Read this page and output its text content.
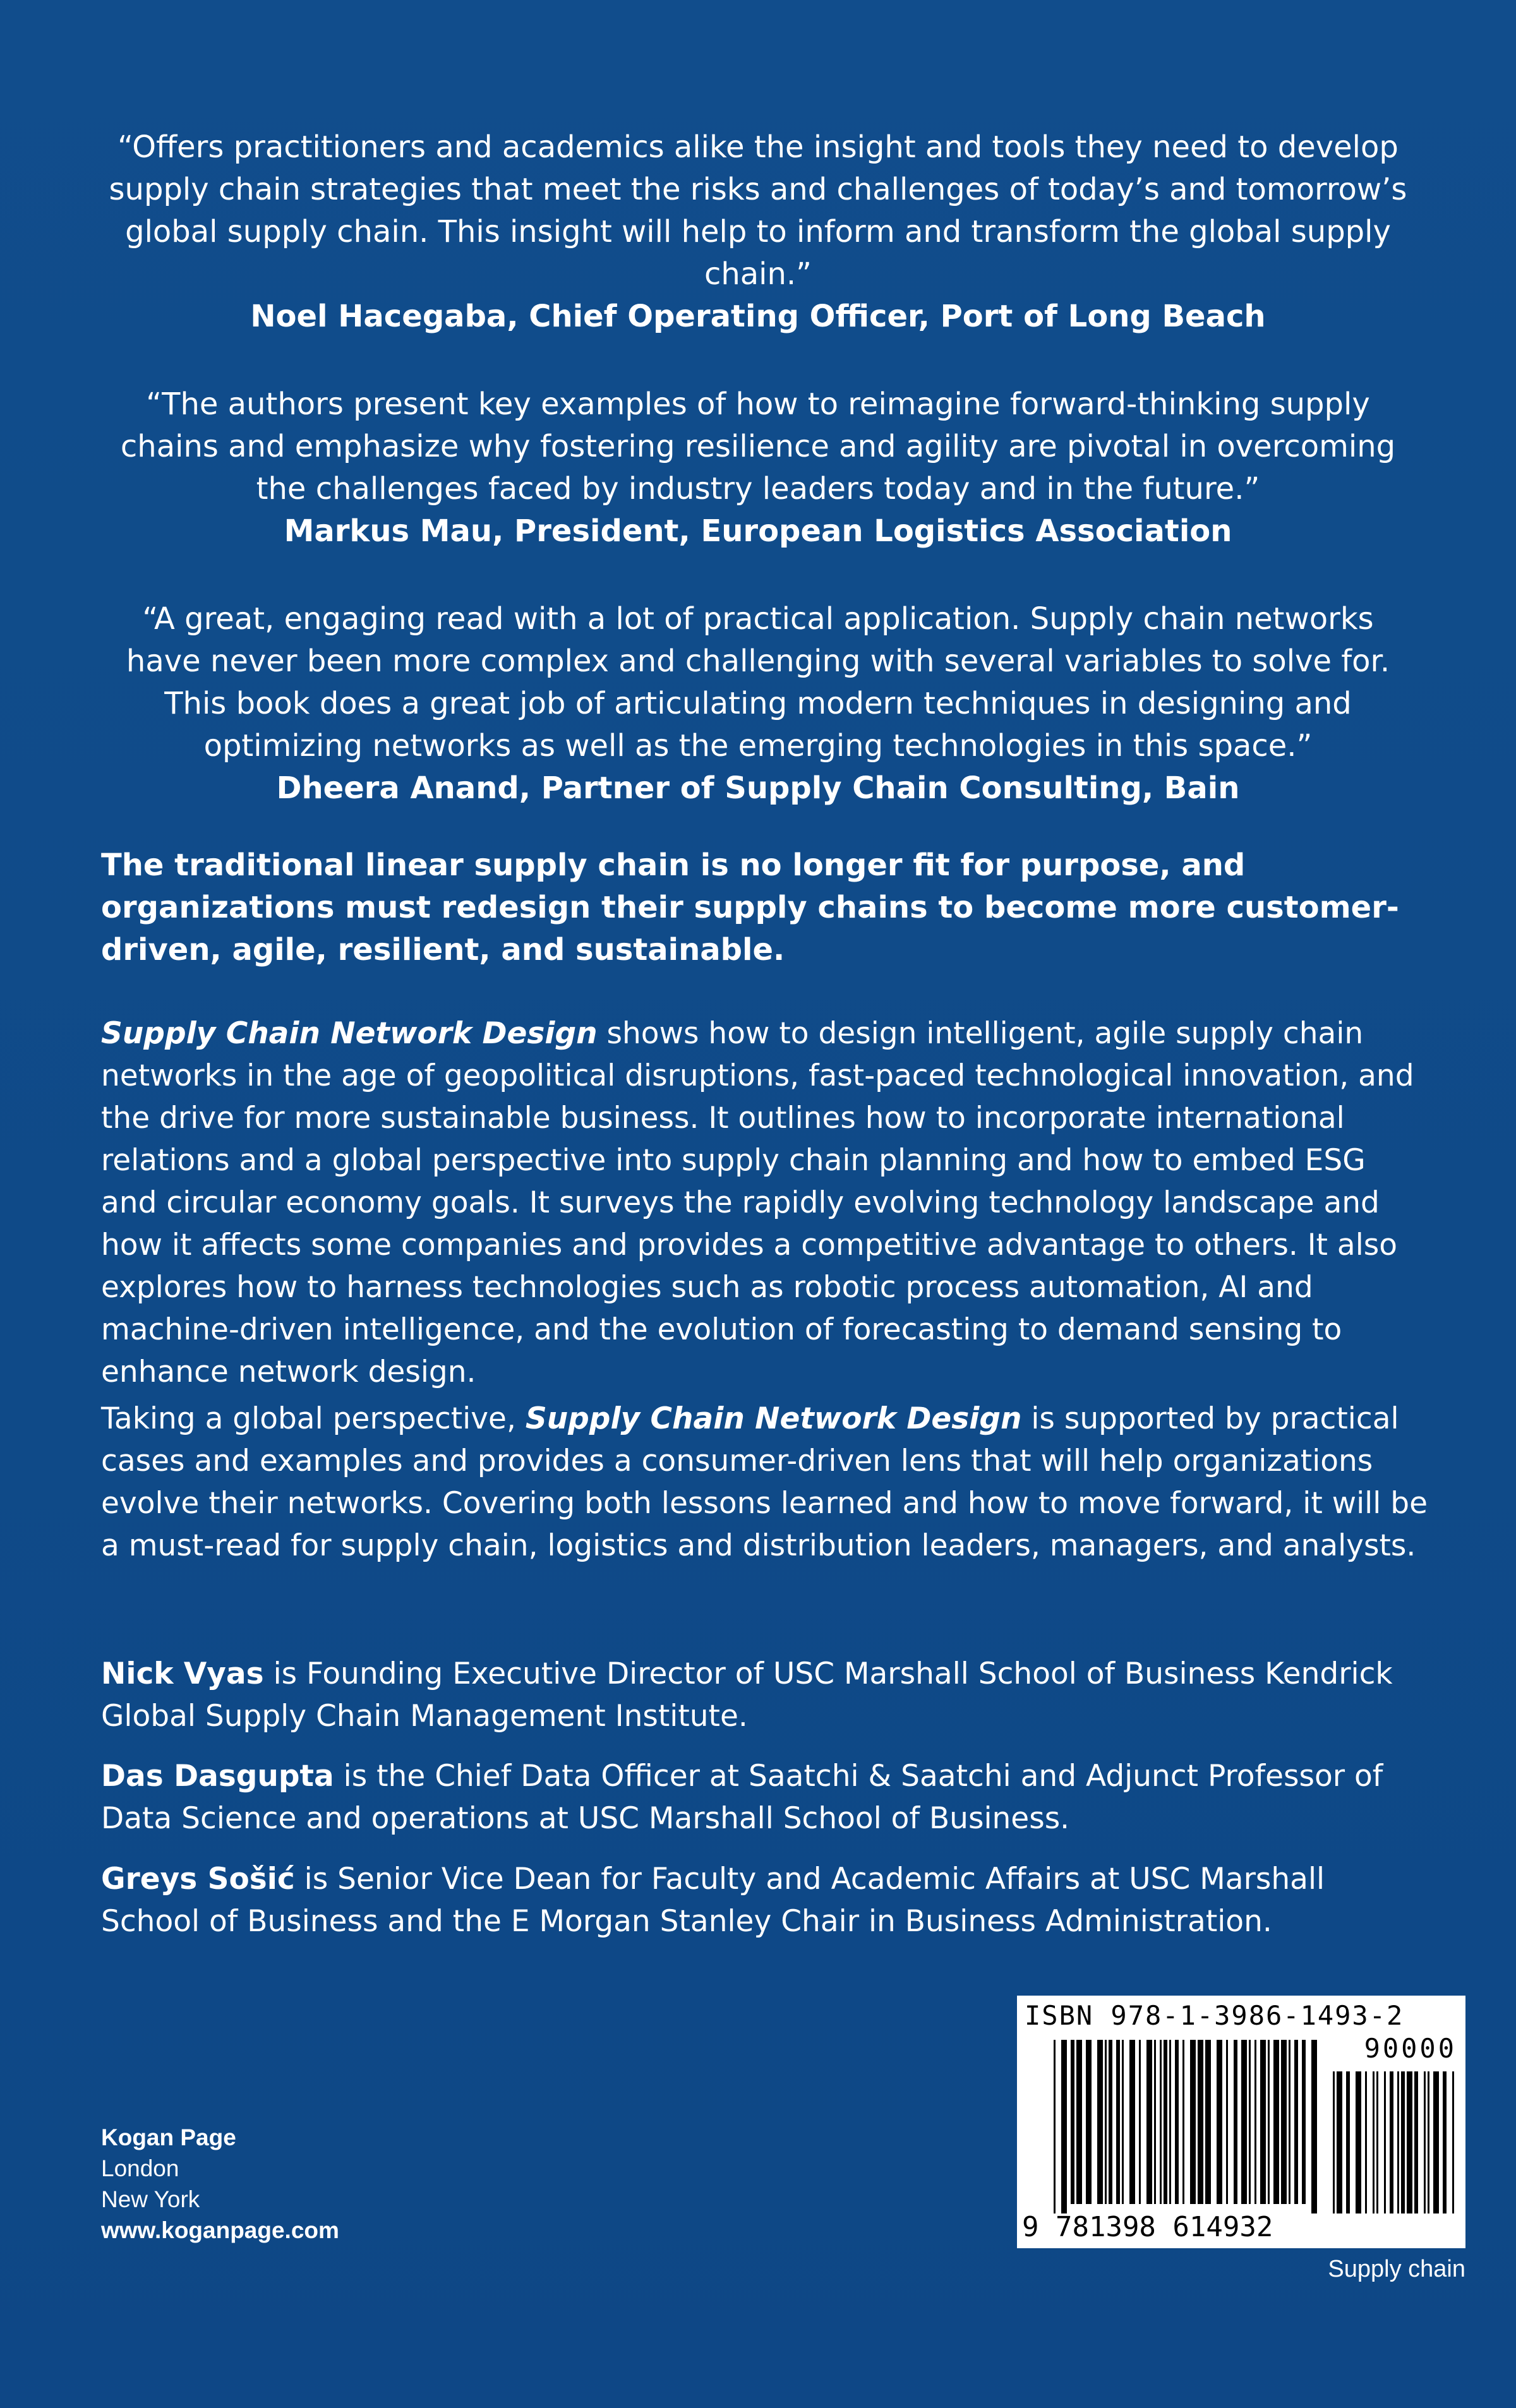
“Offers practitioners and academics alike the insight and tools they need to develop supply chain strategies that meet the risks and challenges of today’s and tomorrow’s global supply chain. This insight will help to inform and transform the global supply chain.”
Noel Hacegaba, Chief Operating Officer, Port of Long Beach
“The authors present key examples of how to reimagine forward-thinking supply chains and emphasize why fostering resilience and agility are pivotal in overcoming the challenges faced by industry leaders today and in the future.”
Markus Mau, President, European Logistics Association
“A great, engaging read with a lot of practical application. Supply chain networks have never been more complex and challenging with several variables to solve for. This book does a great job of articulating modern techniques in designing and optimizing networks as well as the emerging technologies in this space.”
Dheera Anand, Partner of Supply Chain Consulting, Bain
The traditional linear supply chain is no longer fit for purpose, and organizations must redesign their supply chains to become more customer-driven, agile, resilient, and sustainable.
Supply Chain Network Design shows how to design intelligent, agile supply chain networks in the age of geopolitical disruptions, fast-paced technological innovation, and the drive for more sustainable business. It outlines how to incorporate international relations and a global perspective into supply chain planning and how to embed ESG and circular economy goals. It surveys the rapidly evolving technology landscape and how it affects some companies and provides a competitive advantage to others. It also explores how to harness technologies such as robotic process automation, AI and machine-driven intelligence, and the evolution of forecasting to demand sensing to enhance network design.
Taking a global perspective, Supply Chain Network Design is supported by practical cases and examples and provides a consumer-driven lens that will help organizations evolve their networks. Covering both lessons learned and how to move forward, it will be a must-read for supply chain, logistics and distribution leaders, managers, and analysts.
Nick Vyas is Founding Executive Director of USC Marshall School of Business Kendrick Global Supply Chain Management Institute.
Das Dasgupta is the Chief Data Officer at Saatchi & Saatchi and Adjunct Professor of Data Science and operations at USC Marshall School of Business.
Greys Sošić is Senior Vice Dean for Faculty and Academic Affairs at USC Marshall School of Business and the E Morgan Stanley Chair in Business Administration.
Kogan Page
London
New York
www.koganpage.com
ISBN 978-1-3986-1493-2
90000
9 781398 614932
Supply chain
